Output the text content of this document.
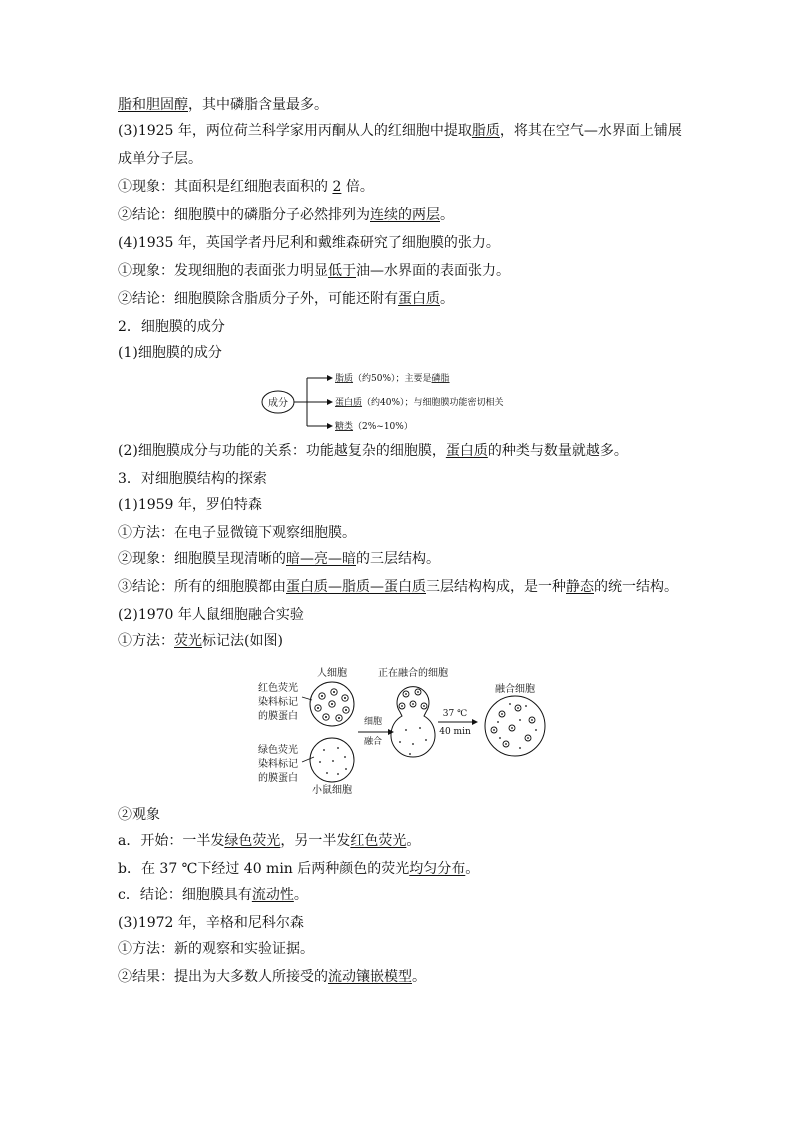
脂和胆固醇，其中磷脂含量最多。
(3)1925 年，两位荷兰科学家用丙酮从人的红细胞中提取脂质，将其在空气—水界面上铺展
成单分子层。
①现象：其面积是红细胞表面积的 2 倍。
②结论：细胞膜中的磷脂分子必然排列为连续的两层。
(4)1935 年，英国学者丹尼利和戴维森研究了细胞膜的张力。
①现象：发现细胞的表面张力明显低于油—水界面的表面张力。
②结论：细胞膜除含脂质分子外，可能还附有蛋白质。
2．细胞膜的成分
(1)细胞膜的成分
(2)细胞膜成分与功能的关系：功能越复杂的细胞膜，蛋白质的种类与数量就越多。
3．对细胞膜结构的探索
(1)1959 年，罗伯特森
①方法：在电子显微镜下观察细胞膜。
②现象：细胞膜呈现清晰的暗—亮—暗的三层结构。
③结论：所有的细胞膜都由蛋白质—脂质—蛋白质三层结构构成，是一种静态的统一结构。
(2)1970 年人鼠细胞融合实验
①方法：荧光标记法(如图)
②观象
a．开始：一半发绿色荧光，另一半发红色荧光。
b．在 37 ℃下经过 40 min 后两种颜色的荧光均匀分布。
c．结论：细胞膜具有流动性。
(3)1972 年，辛格和尼科尔森
①方法：新的观察和实验证据。
②结果：提出为大多数人所接受的流动镶嵌模型。
成分
脂质（约50%）；主要是磷脂
蛋白质（约40%）；与细胞膜功能密切相关
糖类（2%~10%）
人细胞	正在融合的细胞
融合细胞
红色荧光
染料标记
的膜蛋白
绿色荧光
染料标记
的膜蛋白
小鼠细胞
细胞
融合
37 ℃
40 min
